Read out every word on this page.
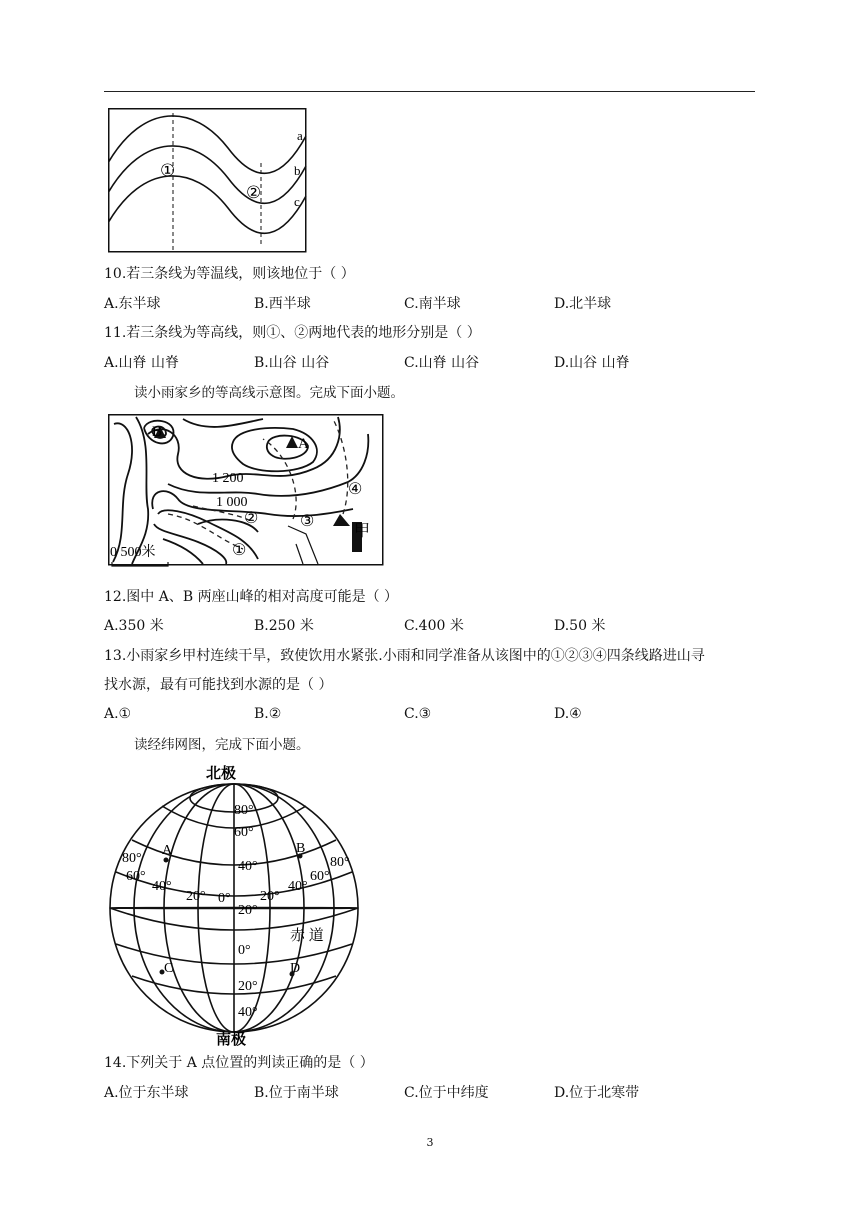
①
②
a
b
c
10.若三条线为等温线，则该地位于（ ）
A.东半球	B.西半球	C.南半球	D.北半球
11.若三条线为等高线，则①、②两地代表的地形分别是（ ）
A.山脊 山脊	B.山谷 山谷	C.山脊 山谷	D.山谷 山脊
读小雨家乡的等高线示意图。完成下面小题。
B
A
1 200
1 000
①
②	③
④
甲
0 500米
12.图中 A、B 两座山峰的相对高度可能是（ ）
A.350 米	B.250 米	C.400 米	D.50 米
13.小雨家乡甲村连续干旱，致使饮用水紧张.小雨和同学准备从该图中的①②③④四条线路进山寻
找水源，最有可能找到水源的是（ ）
A.①	B.②	C.③	D.④
读经纬网图，完成下面小题。
北极
南极
赤 道
80°
60°
40°
20°
0°
20°
40°
80°
60°
40°
20° 0° 20°
40°
60°
80°
A	B
C	D
14.下列关于 A 点位置的判读正确的是（ ）
A.位于东半球	B.位于南半球	C.位于中纬度	D.位于北寒带
3
